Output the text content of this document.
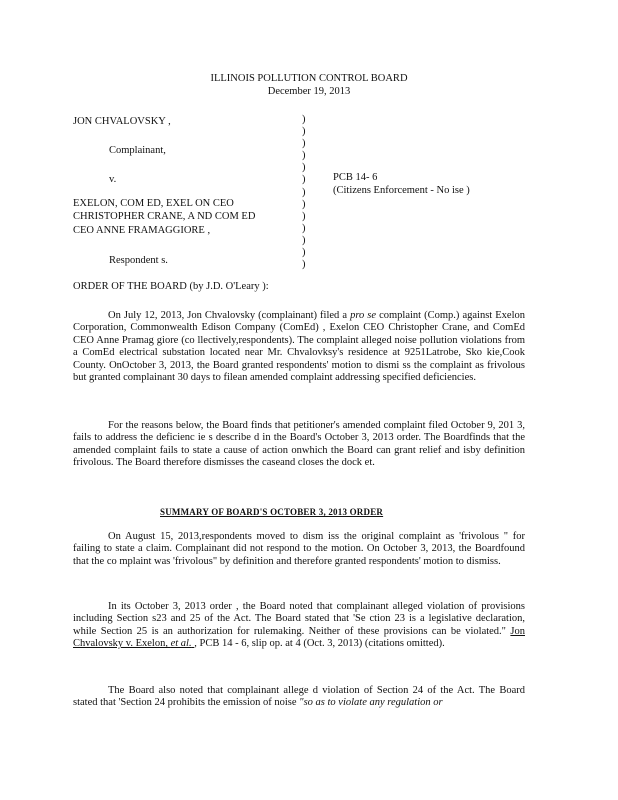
ILLINOIS POLLUTION CONTROL BOARD
December 19, 2013
JON CHVALOVSKY ,
Complainant,
v.
EXELON, COM ED, EXEL ON CEO
CHRISTOPHER CRANE, A ND COM ED
CEO ANNE FRAMAGGIORE ,
Respondent s.
)
)
)
)
)
)
)
)
)
)
)
)
)
PCB 14- 6
(Citizens Enforcement - No ise )
ORDER OF THE BOARD (by J.D. O'Leary ):
On July 12, 2013, Jon Chvalovsky (complainant) filed a pro se complaint (Comp.) against Exelon Corporation, Commonwealth Edison Company (ComEd) , Exelon CEO Christopher Crane, and ComEd CEO Anne Pramag giore (co llectively,respondents). The complaint alleged noise pollution violations from a ComEd electrical substation located near Mr. Chvalovksy's residence at 9251Latrobe, Sko kie,Cook County. OnOctober 3, 2013, the Board granted respondents' motion to dismi ss the complaint as frivolous but granted complainant 30 days to filean amended complaint addressing specified deficiencies.
For the reasons below, the Board finds that petitioner's amended complaint filed October 9, 201 3, fails to address the deficienc ie s describe d in the Board's October 3, 2013 order. The Boardfinds that the amended complaint fails to state a cause of action onwhich the Board can grant relief and isby definition frivolous. The Board therefore dismisses the caseand closes the dock et.
SUMMARY OF BOARD'S OCTOBER 3, 2013 ORDER
On August 15, 2013,respondents moved to dism iss the original complaint as 'frivolous " for failing to state a claim. Complainant did not respond to the motion. On October 3, 2013, the Boardfound that the co mplaint was 'frivolous" by definition and therefore granted respondents' motion to dismiss.
In its October 3, 2013 order , the Board noted that complainant alleged violation of provisions including Section s23 and 25 of the Act. The Board stated that 'Se ction 23 is a legislative declaration, while Section 25 is an authorization for rulemaking. Neither of these provisions can be violated." Jon Chvalovsky v. Exelon, et al. , PCB 14 - 6, slip op. at 4 (Oct. 3, 2013) (citations omitted).
The Board also noted that complainant allege d violation of Section 24 of the Act. The Board stated that 'Section 24 prohibits the emission of noise "so as to violate any regulation or
